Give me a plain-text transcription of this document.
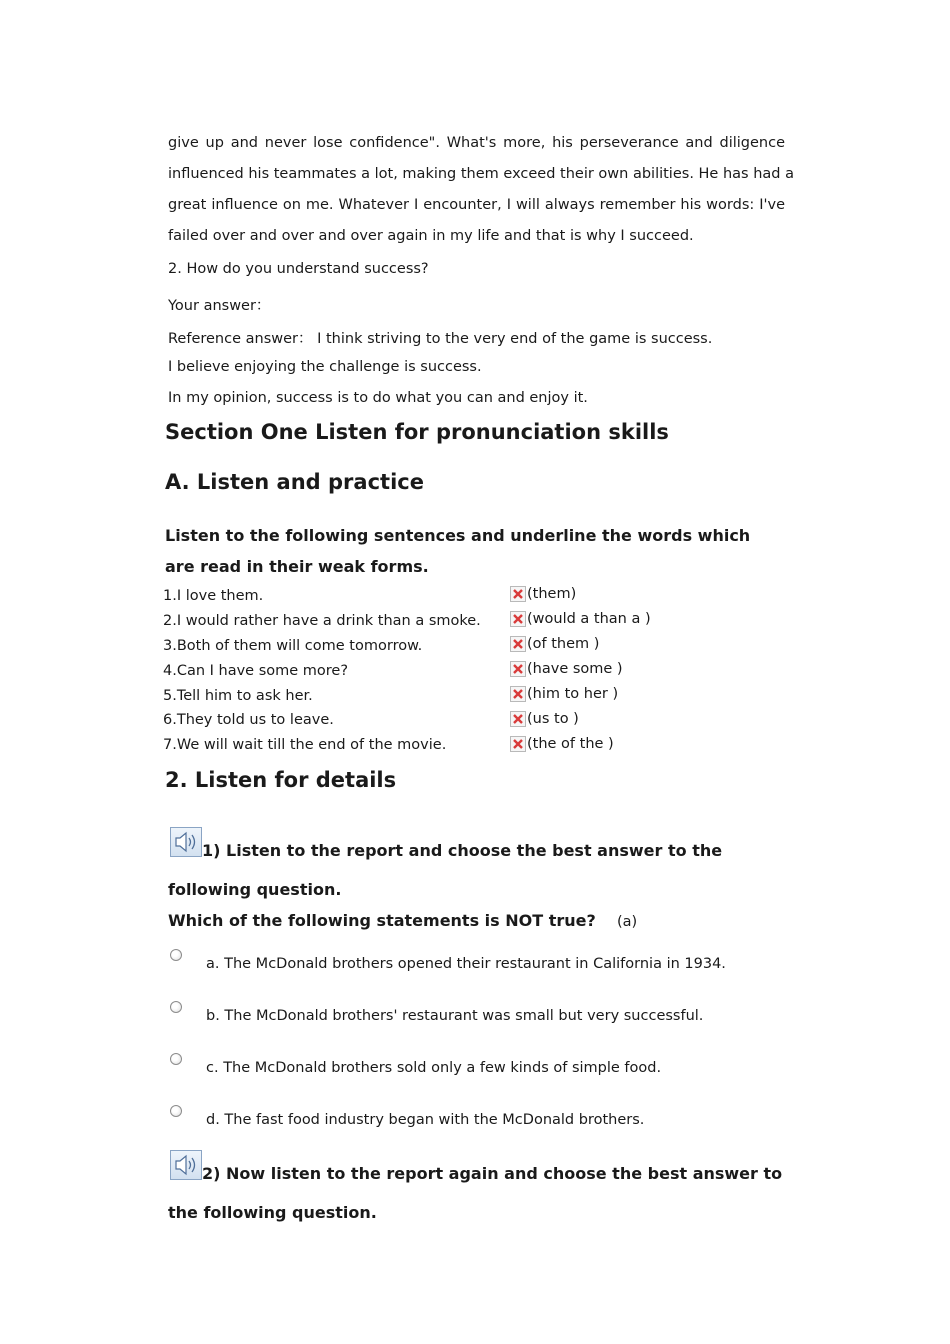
give up and never lose confidence". What's more, his perseverance and diligence
influenced his teammates a lot, making them exceed their own abilities. He has had a
great influence on me. Whatever I encounter, I will always remember his words: I've
failed over and over and over again in my life and that is why I succeed.
2. How do you understand success?
Your answer：
Reference answer： I think striving to the very end of the game is success.
I believe enjoying the challenge is success.
In my opinion, success is to do what you can and enjoy it.
Section One Listen for pronunciation skills
A. Listen and practice
Listen to the following sentences and underline the words which
are read in their weak forms.
1.I love them.	(them)
2.I would rather have a drink than a smoke.	(would a than a )
3.Both of them will come tomorrow.	(of them )
4.Can I have some more?	(have some )
5.Tell him to ask her.	(him to her )
6.They told us to leave.	(us to )
7.We will wait till the end of the movie.	(the of the )
2. Listen for details
1) Listen to the report and choose the best answer to the
following question.
Which of the following statements is NOT true? (a)
a. The McDonald brothers opened their restaurant in California in 1934.
b. The McDonald brothers' restaurant was small but very successful.
c. The McDonald brothers sold only a few kinds of simple food.
d. The fast food industry began with the McDonald brothers.
2) Now listen to the report again and choose the best answer to
the following question.
